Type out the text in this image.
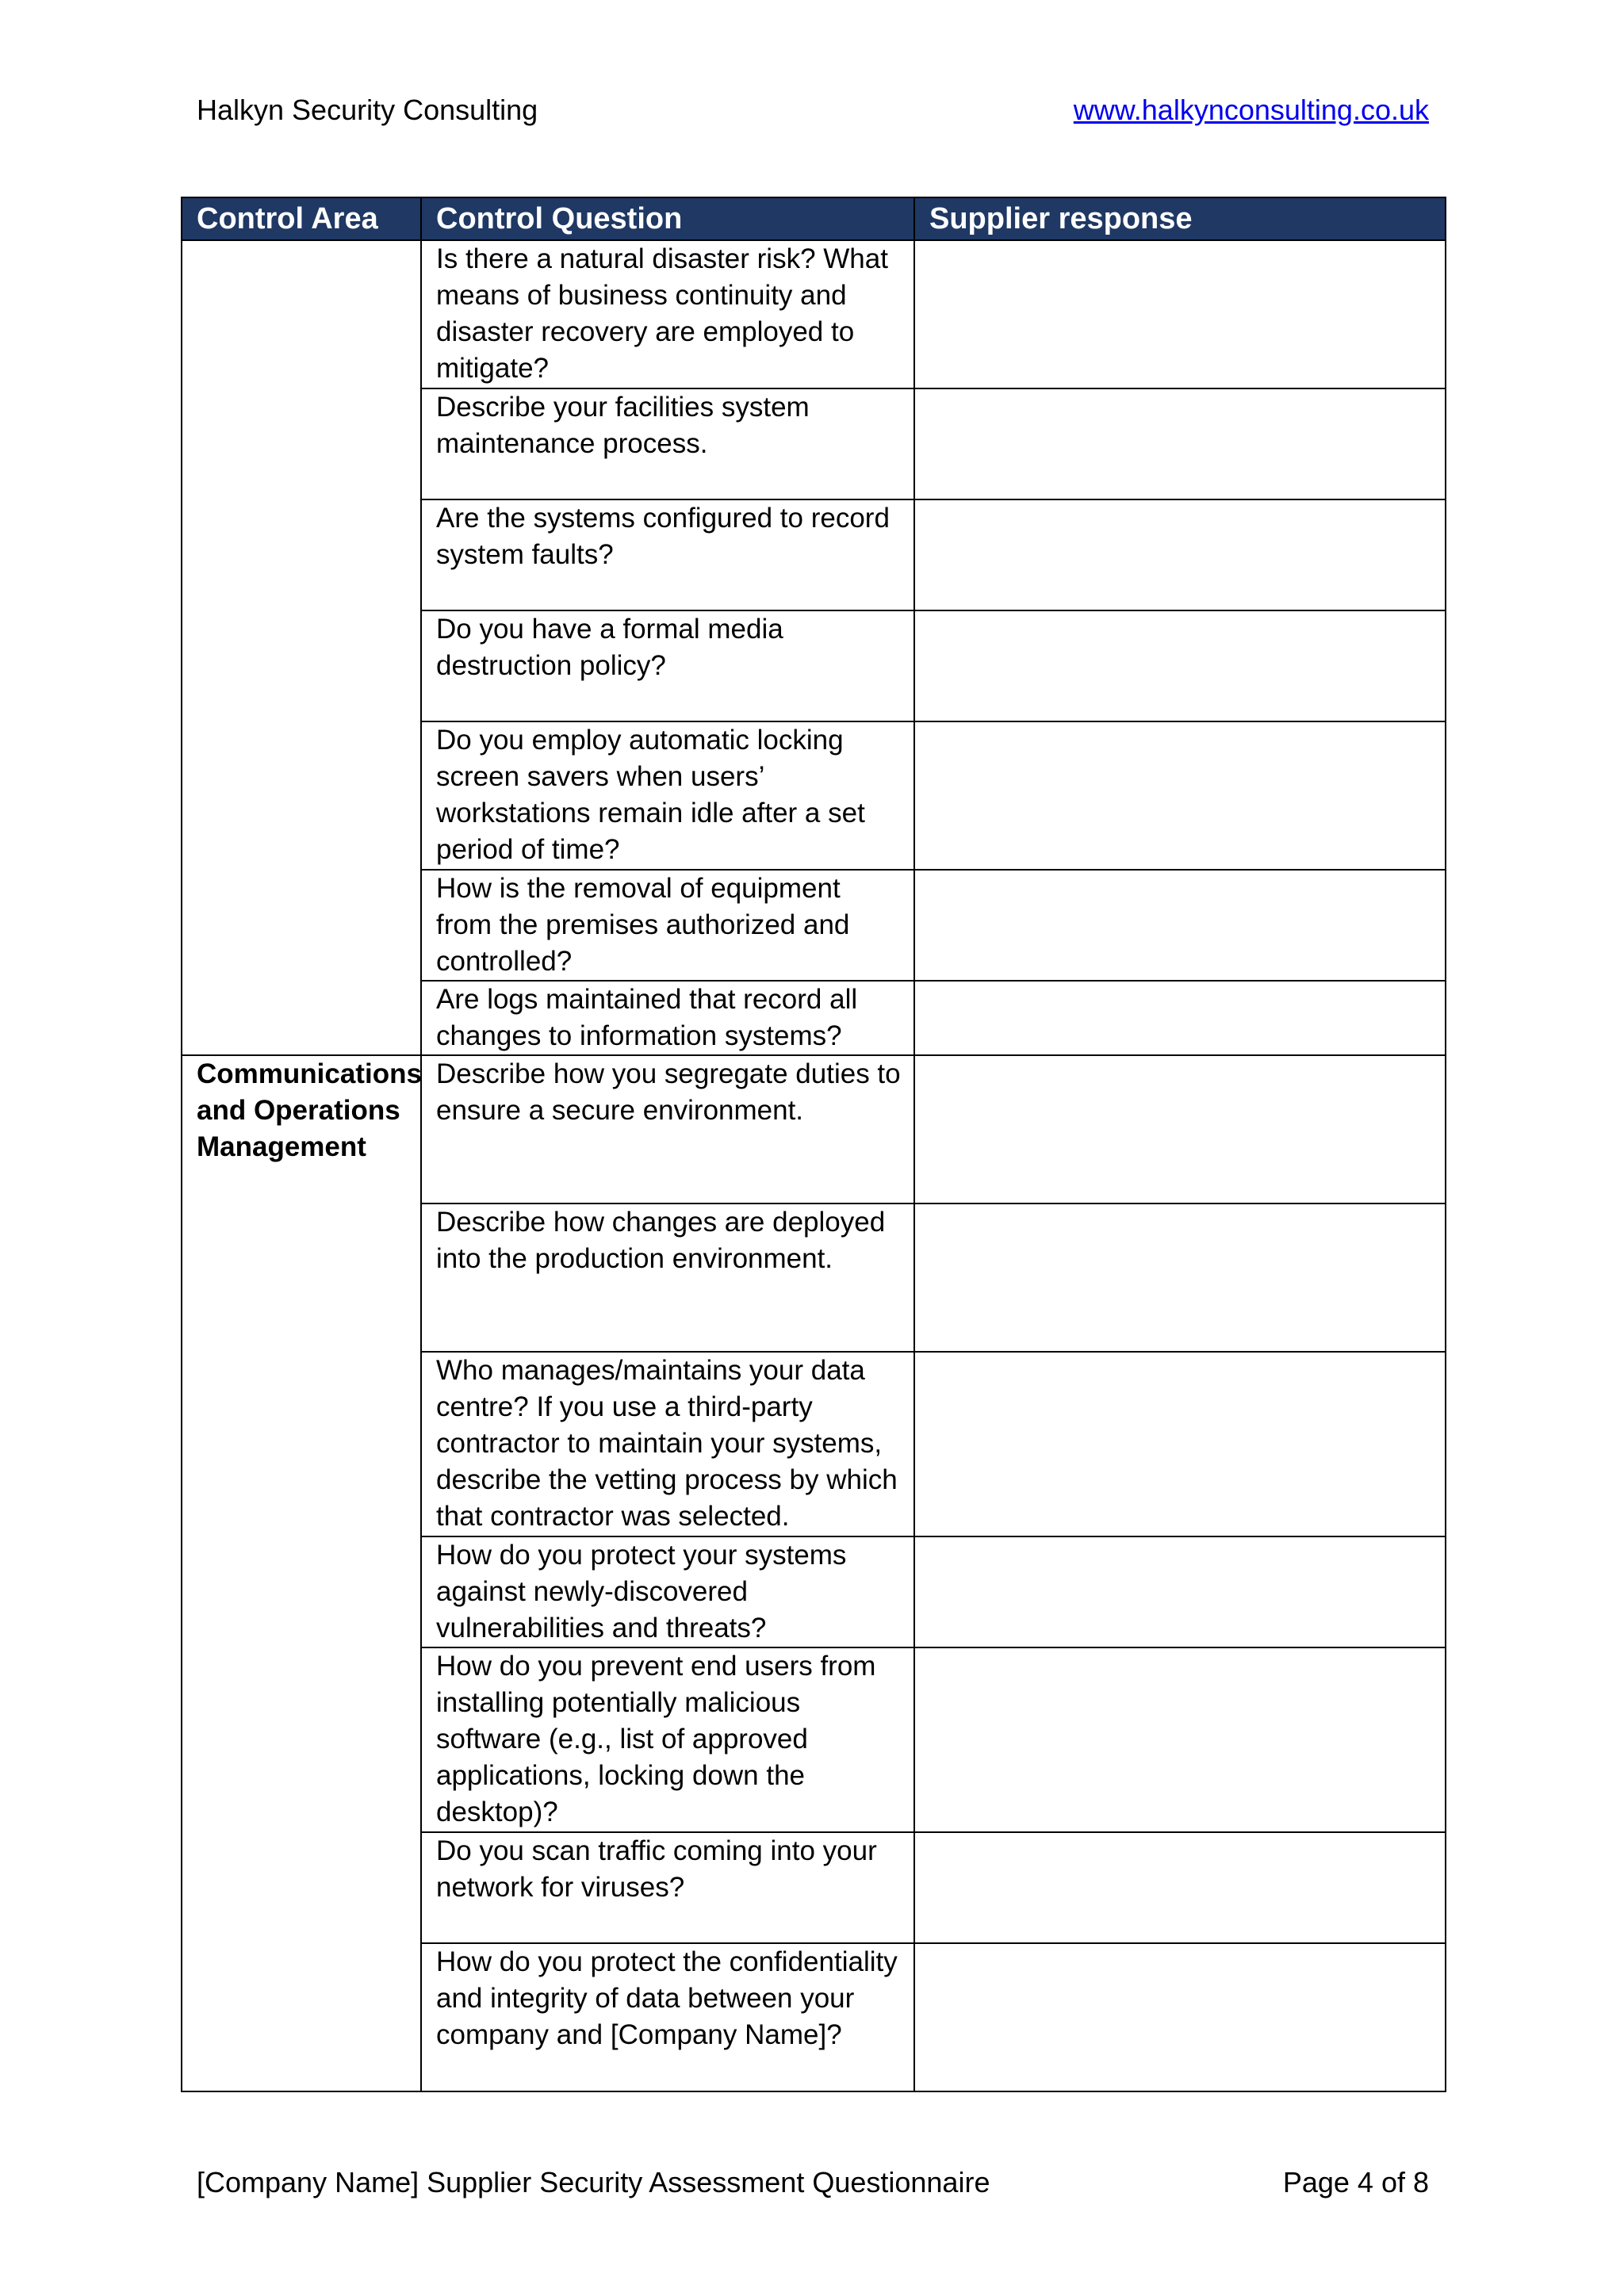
Halkyn Security Consulting	www.halkynconsulting.co.uk
Control Area	Control Question	Supplier response
	Is there a natural disaster risk? What means of business continuity and disaster recovery are employed to mitigate?	
	Describe your facilities system maintenance process.	
	Are the systems configured to record system faults?	
	Do you have a formal media destruction policy?	
	Do you employ automatic locking screen savers when users’ workstations remain idle after a set period of time?	
	How is the removal of equipment from the premises authorized and controlled?	
	Are logs maintained that record all changes to information systems?	
Communications and Operations Management	Describe how you segregate duties to ensure a secure environment.	
	Describe how changes are deployed into the production environment.	
	Who manages/maintains your data centre? If you use a third-party contractor to maintain your systems, describe the vetting process by which that contractor was selected.	
	How do you protect your systems against newly-discovered vulnerabilities and threats?	
	How do you prevent end users from installing potentially malicious software (e.g., list of approved applications, locking down the desktop)?	
	Do you scan traffic coming into your network for viruses?	
	How do you protect the confidentiality and integrity of data between your company and [Company Name]?	
[Company Name] Supplier Security Assessment Questionnaire	Page 4 of 8
